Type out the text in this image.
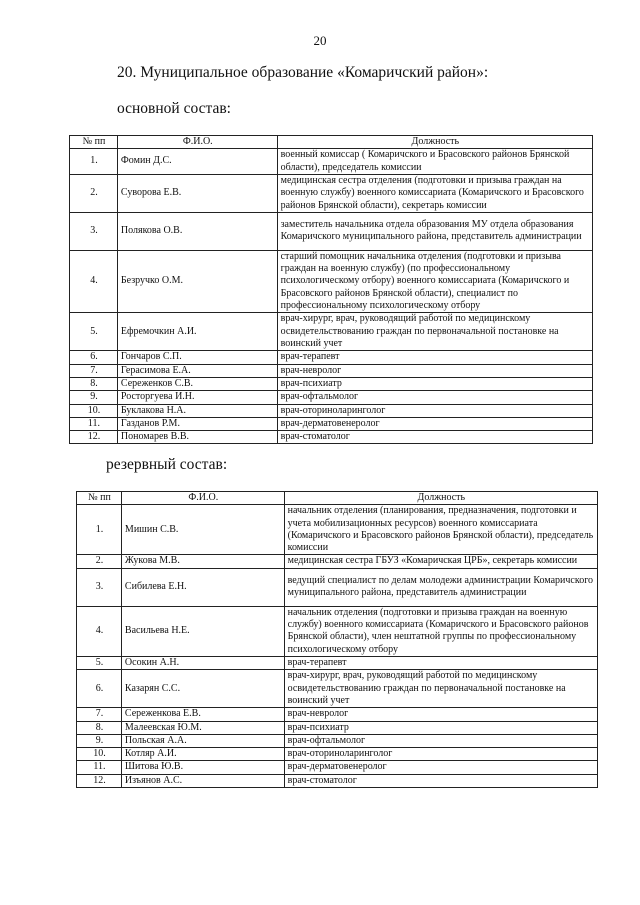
20
20. Муниципальное образование «Комаричский район»:
основной состав:
№ пп	Ф.И.О.	Должность
1.	Фомин Д.С.	военный комиссар ( Комаричского и Брасовского районов Брянской области), председатель комиссии
2.	Суворова Е.В.	медицинская сестра отделения (подготовки и призыва граждан на военную службу) военного комиссариата (Комаричского и Брасовского районов Брянской области), секретарь комиссии
3.	Полякова О.В.	заместитель начальника отдела образования МУ отдела образования Комаричского муниципального района, представитель администрации
4.	Безручко О.М.	старший помощник начальника отделения (подготовки и призыва граждан на военную службу) (по профессиональному психологическому отбору) военного комиссариата (Комаричского и Брасовского районов Брянской области), специалист по профессиональному психологическому отбору
5.	Ефремочкин А.И.	врач-хирург, врач, руководящий работой по медицинскому освидетельствованию граждан по первоначальной постановке на воинский учет
6.	Гончаров С.П.	врач-терапевт
7.	Герасимова Е.А.	врач-невролог
8.	Сереженков С.В.	врач-психиатр
9.	Росторгуева И.Н.	врач-офтальмолог
10.	Буклакова Н.А.	врач-оториноларинголог
11.	Газданов Р.М.	врач-дерматовенеролог
12.	Пономарев В.В.	врач-стоматолог
резервный состав:
№ пп	Ф.И.О.	Должность
1.	Мишин С.В.	начальник отделения (планирования, предназначения, подготовки и учета мобилизационных ресурсов) военного комиссариата (Комаричского и Брасовского районов Брянской области), председатель комиссии
2.	Жукова М.В.	медицинская сестра ГБУЗ «Комаричская ЦРБ», секретарь комиссии
3.	Сибилева Е.Н.	ведущий специалист по делам молодежи администрации Комаричского муниципального района, представитель администрации
4.	Васильева Н.Е.	начальник отделения (подготовки и призыва граждан на военную службу) военного комиссариата (Комаричского и Брасовского районов Брянской области), член нештатной группы по профессиональному психологическому отбору
5.	Осокин А.Н.	врач-терапевт
6.	Казарян С.С.	врач-хирург, врач, руководящий работой по медицинскому освидетельствованию граждан по первоначальной постановке на воинский учет
7.	Сереженкова Е.В.	врач-невролог
8.	Малеевская Ю.М.	врач-психиатр
9.	Польская А.А.	врач-офтальмолог
10.	Котляр А.И.	врач-оториноларинголог
11.	Шитова Ю.В.	врач-дерматовенеролог
12.	Изъянов А.С.	врач-стоматолог
